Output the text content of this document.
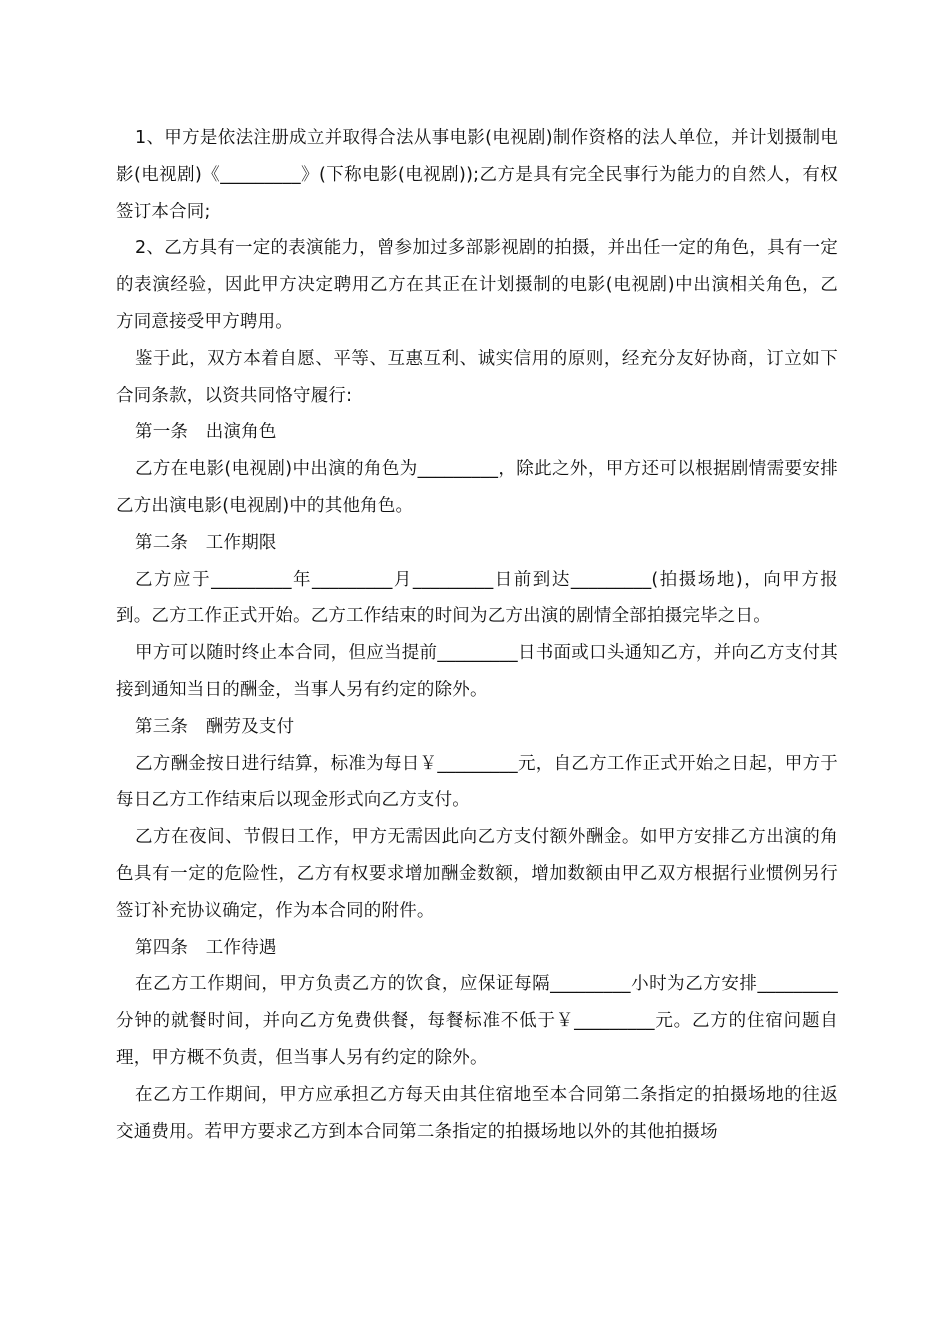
1、甲方是依法注册成立并取得合法从事电影(电视剧)制作资格的法人单位，并计划摄制电影(电视剧)《_________》(下称电影(电视剧));乙方是具有完全民事行为能力的自然人，有权签订本合同;

2、乙方具有一定的表演能力，曾参加过多部影视剧的拍摄，并出任一定的角色，具有一定的表演经验，因此甲方决定聘用乙方在其正在计划摄制的电影(电视剧)中出演相关角色，乙方同意接受甲方聘用。

鉴于此，双方本着自愿、平等、互惠互利、诚实信用的原则，经充分友好协商，订立如下合同条款，以资共同恪守履行:

第一条　出演角色

乙方在电影(电视剧)中出演的角色为_________，除此之外，甲方还可以根据剧情需要安排乙方出演电影(电视剧)中的其他角色。

第二条　工作期限

乙方应于_________年_________月_________日前到达_________(拍摄场地)，向甲方报到。乙方工作正式开始。乙方工作结束的时间为乙方出演的剧情全部拍摄完毕之日。

甲方可以随时终止本合同，但应当提前_________日书面或口头通知乙方，并向乙方支付其接到通知当日的酬金，当事人另有约定的除外。

第三条　酬劳及支付

乙方酬金按日进行结算，标准为每日￥_________元，自乙方工作正式开始之日起，甲方于每日乙方工作结束后以现金形式向乙方支付。

乙方在夜间、节假日工作，甲方无需因此向乙方支付额外酬金。如甲方安排乙方出演的角色具有一定的危险性，乙方有权要求增加酬金数额，增加数额由甲乙双方根据行业惯例另行签订补充协议确定，作为本合同的附件。

第四条　工作待遇

在乙方工作期间，甲方负责乙方的饮食，应保证每隔_________小时为乙方安排_________分钟的就餐时间，并向乙方免费供餐，每餐标准不低于￥_________元。乙方的住宿问题自理，甲方概不负责，但当事人另有约定的除外。

在乙方工作期间，甲方应承担乙方每天由其住宿地至本合同第二条指定的拍摄场地的往返交通费用。若甲方要求乙方到本合同第二条指定的拍摄场地以外的其他拍摄场
